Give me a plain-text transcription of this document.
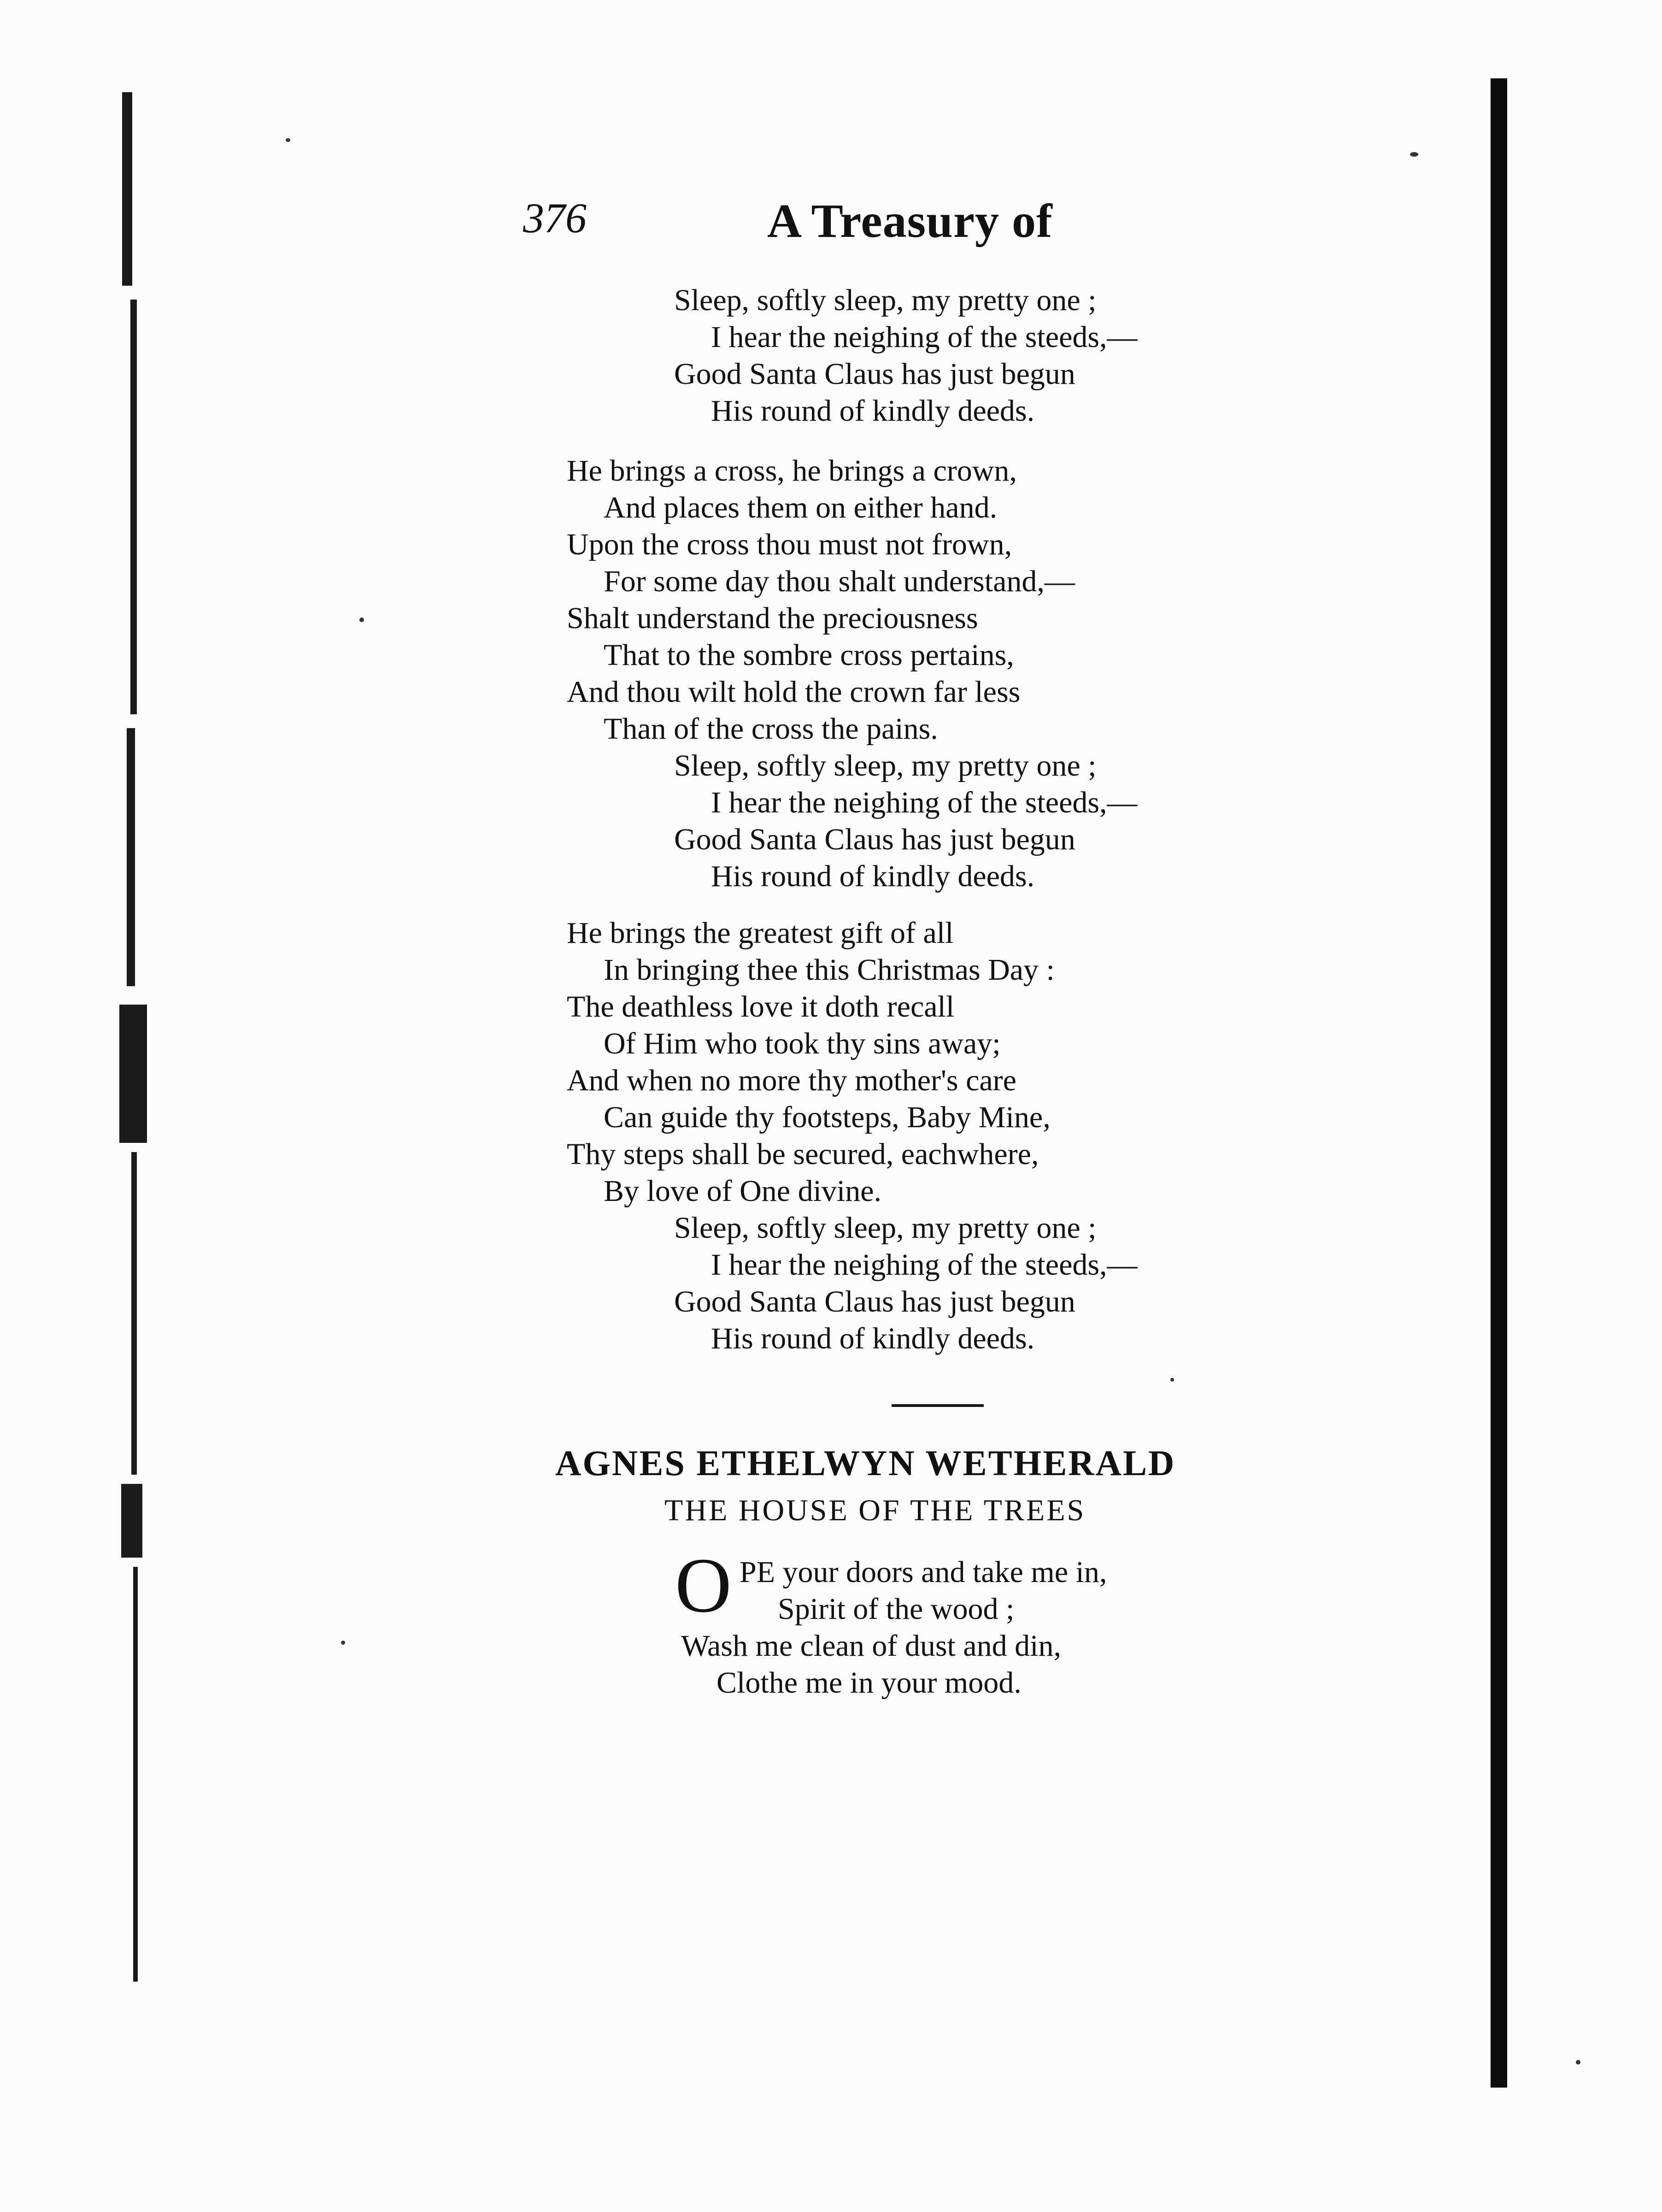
376	A Treasury of
Sleep, softly sleep, my pretty one ;
I hear the neighing of the steeds,—
Good Santa Claus has just begun
His round of kindly deeds.
He brings a cross, he brings a crown,
And places them on either hand.
Upon the cross thou must not frown,
For some day thou shalt understand,—
Shalt understand the preciousness
That to the sombre cross pertains,
And thou wilt hold the crown far less
Than of the cross the pains.
Sleep, softly sleep, my pretty one ;
I hear the neighing of the steeds,—
Good Santa Claus has just begun
His round of kindly deeds.
He brings the greatest gift of all
In bringing thee this Christmas Day :
The deathless love it doth recall
Of Him who took thy sins away;
And when no more thy mother's care
Can guide thy footsteps, Baby Mine,
Thy steps shall be secured, eachwhere,
By love of One divine.
Sleep, softly sleep, my pretty one ;
I hear the neighing of the steeds,—
Good Santa Claus has just begun
His round of kindly deeds.
AGNES ETHELWYN WETHERALD
THE HOUSE OF THE TREES
O PE your doors and take me in,
Spirit of the wood ;
Wash me clean of dust and din,
Clothe me in your mood.
